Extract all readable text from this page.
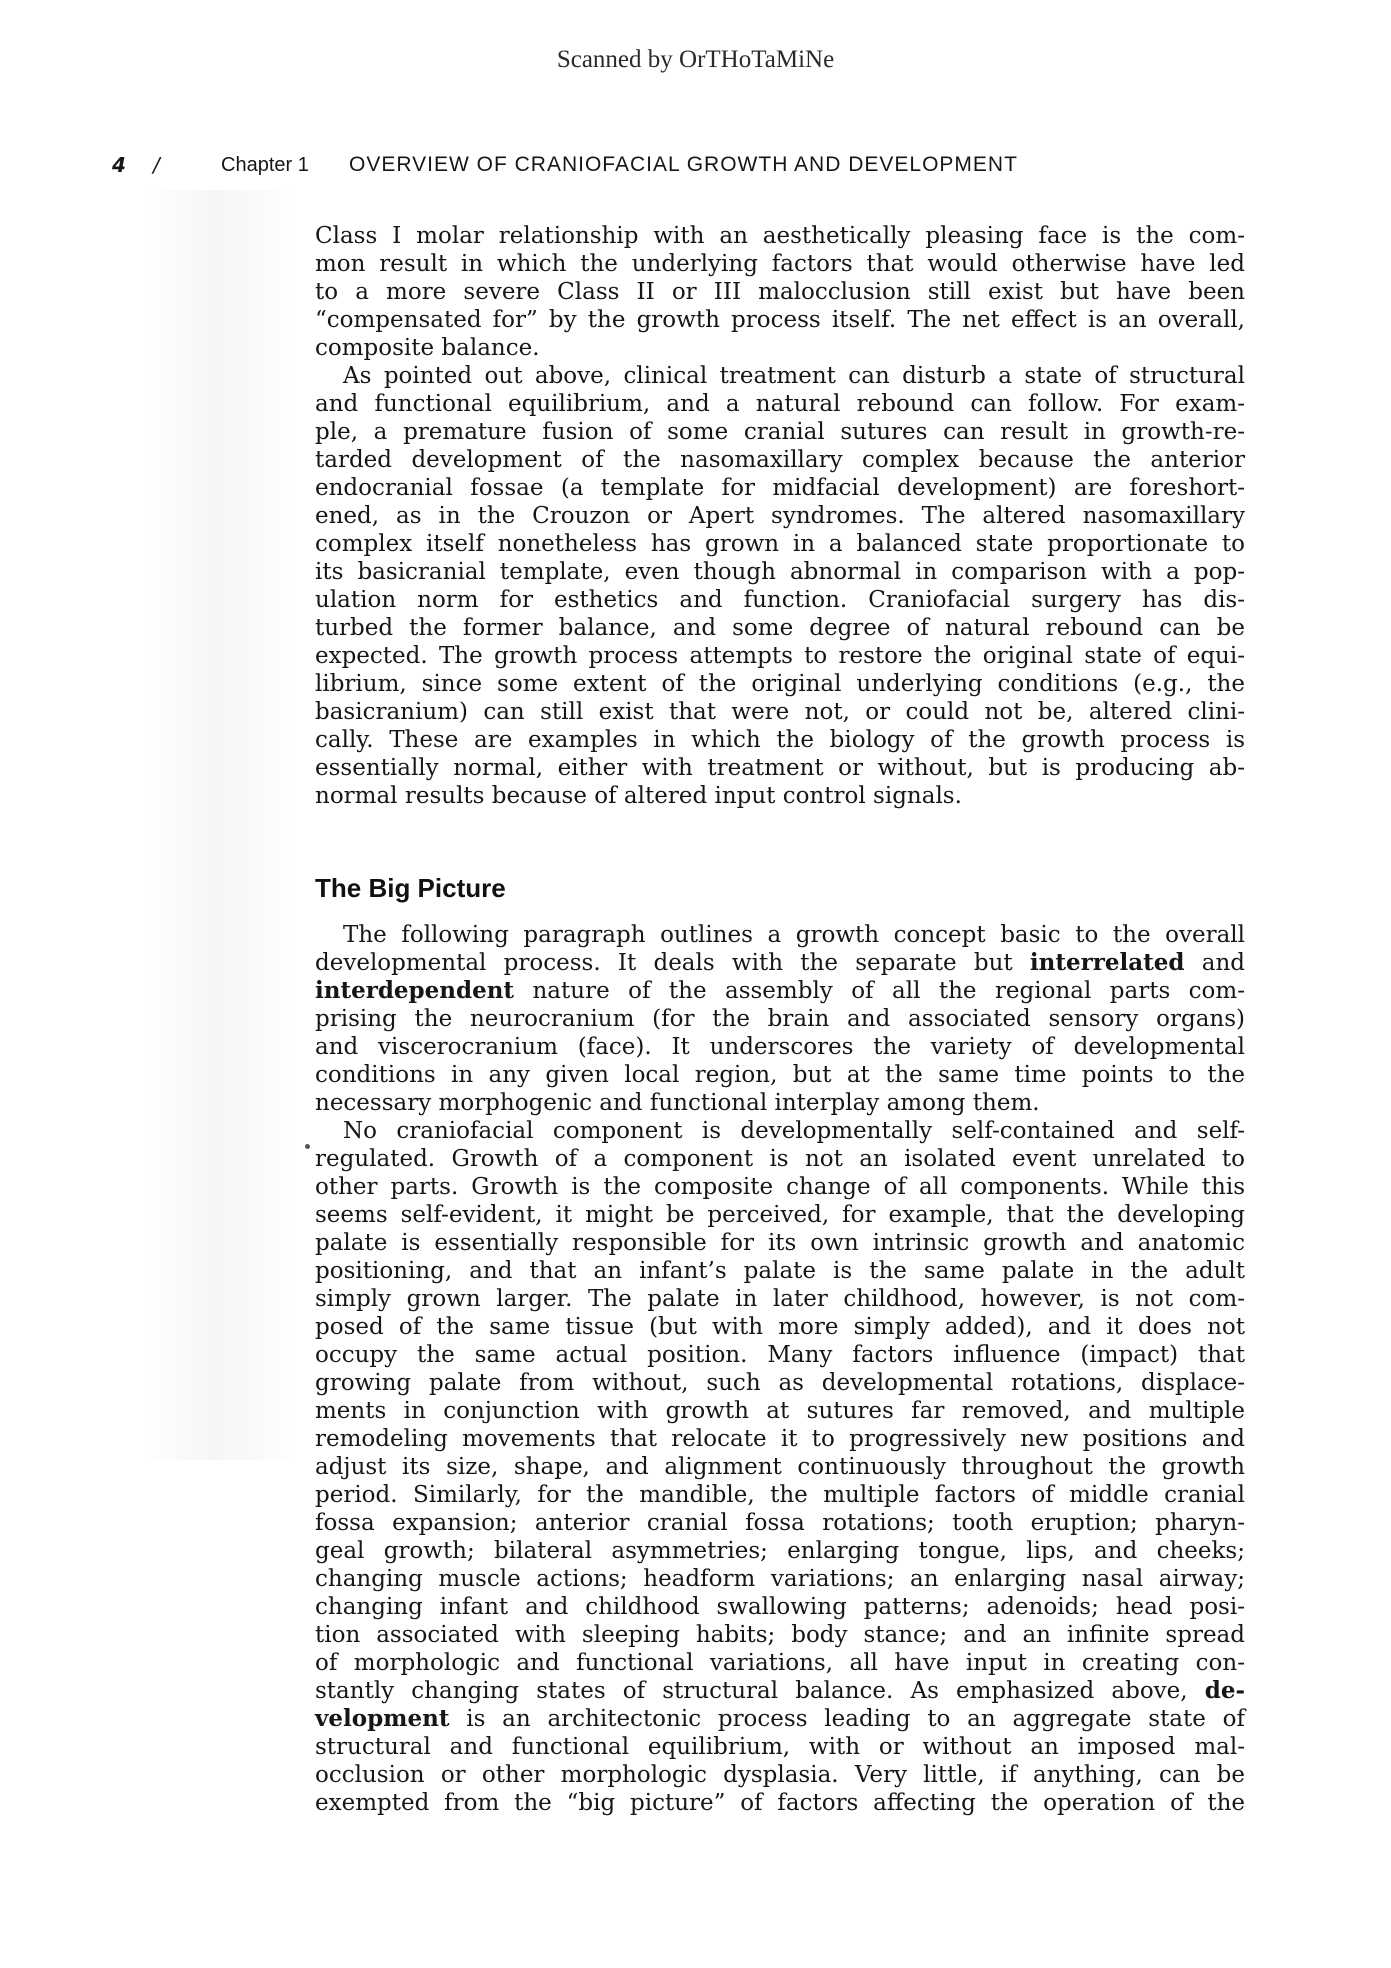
Scanned by OrTHoTaMiNe
4 /	Chapter 1 OVERVIEW OF CRANIOFACIAL GROWTH AND DEVELOPMENT
Class I molar relationship with an aesthetically pleasing face is the com-
mon result in which the underlying factors that would otherwise have led
to a more severe Class II or III malocclusion still exist but have been
“compensated for” by the growth process itself. The net effect is an overall,
composite balance.
As pointed out above, clinical treatment can disturb a state of structural
and functional equilibrium, and a natural rebound can follow. For exam-
ple, a premature fusion of some cranial sutures can result in growth-re-
tarded development of the nasomaxillary complex because the anterior
endocranial fossae (a template for midfacial development) are foreshort-
ened, as in the Crouzon or Apert syndromes. The altered nasomaxillary
complex itself nonetheless has grown in a balanced state proportionate to
its basicranial template, even though abnormal in comparison with a pop-
ulation norm for esthetics and function. Craniofacial surgery has dis-
turbed the former balance, and some degree of natural rebound can be
expected. The growth process attempts to restore the original state of equi-
librium, since some extent of the original underlying conditions (e.g., the
basicranium) can still exist that were not, or could not be, altered clini-
cally. These are examples in which the biology of the growth process is
essentially normal, either with treatment or without, but is producing ab-
normal results because of altered input control signals.
The Big Picture
The following paragraph outlines a growth concept basic to the overall
developmental process. It deals with the separate but interrelated and
interdependent nature of the assembly of all the regional parts com-
prising the neurocranium (for the brain and associated sensory organs)
and viscerocranium (face). It underscores the variety of developmental
conditions in any given local region, but at the same time points to the
necessary morphogenic and functional interplay among them.
No craniofacial component is developmentally self-contained and self-
regulated. Growth of a component is not an isolated event unrelated to
other parts. Growth is the composite change of all components. While this
seems self-evident, it might be perceived, for example, that the developing
palate is essentially responsible for its own intrinsic growth and anatomic
positioning, and that an infant’s palate is the same palate in the adult
simply grown larger. The palate in later childhood, however, is not com-
posed of the same tissue (but with more simply added), and it does not
occupy the same actual position. Many factors influence (impact) that
growing palate from without, such as developmental rotations, displace-
ments in conjunction with growth at sutures far removed, and multiple
remodeling movements that relocate it to progressively new positions and
adjust its size, shape, and alignment continuously throughout the growth
period. Similarly, for the mandible, the multiple factors of middle cranial
fossa expansion; anterior cranial fossa rotations; tooth eruption; pharyn-
geal growth; bilateral asymmetries; enlarging tongue, lips, and cheeks;
changing muscle actions; headform variations; an enlarging nasal airway;
changing infant and childhood swallowing patterns; adenoids; head posi-
tion associated with sleeping habits; body stance; and an infinite spread
of morphologic and functional variations, all have input in creating con-
stantly changing states of structural balance. As emphasized above, de-
velopment is an architectonic process leading to an aggregate state of
structural and functional equilibrium, with or without an imposed mal-
occlusion or other morphologic dysplasia. Very little, if anything, can be
exempted from the “big picture” of factors affecting the operation of the
